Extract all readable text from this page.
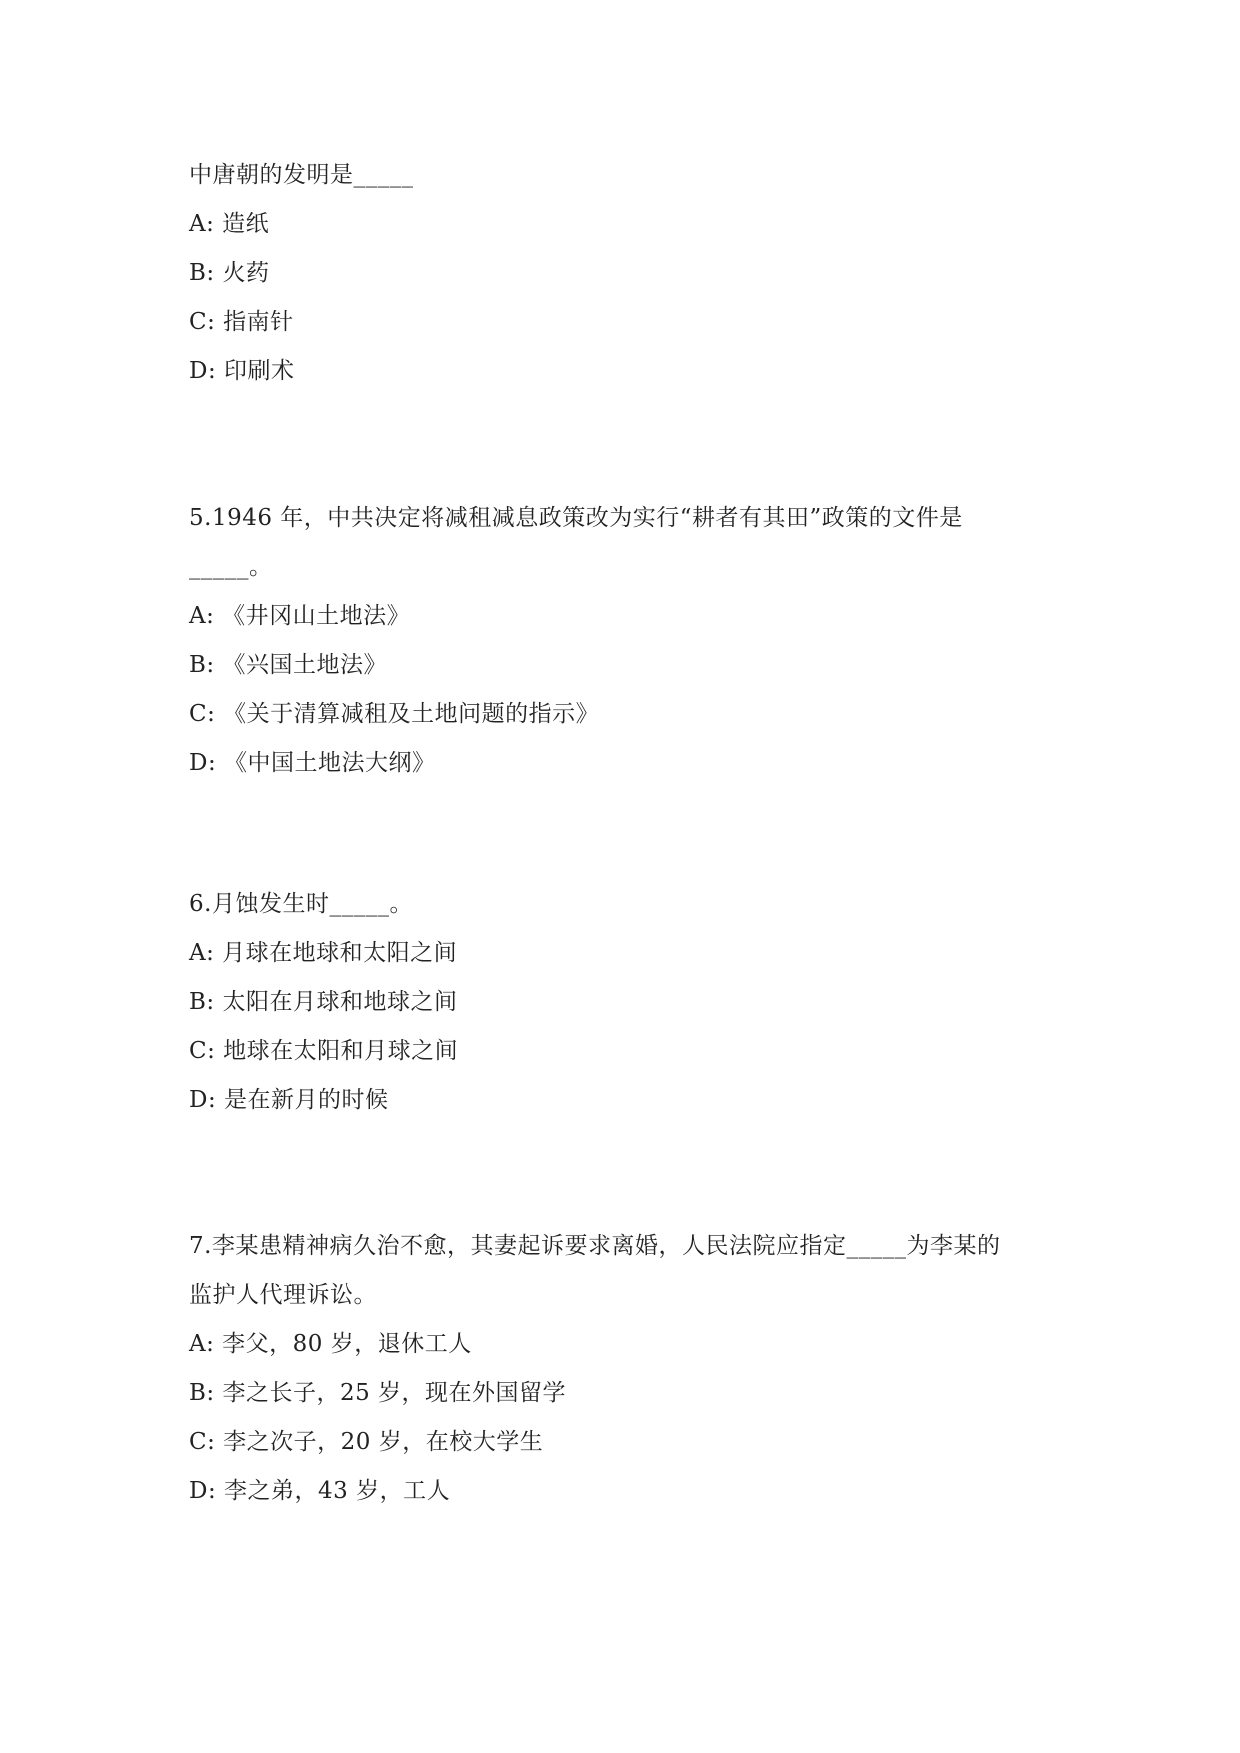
中唐朝的发明是_____
A: 造纸
B: 火药
C: 指南针
D: 印刷术
5.1946 年，中共决定将减租减息政策改为实行“耕者有其田”政策的文件是
_____。
A: 《井冈山土地法》
B: 《兴国土地法》
C: 《关于清算减租及土地问题的指示》
D: 《中国土地法大纲》
6.月蚀发生时_____。
A: 月球在地球和太阳之间
B: 太阳在月球和地球之间
C: 地球在太阳和月球之间
D: 是在新月的时候
7.李某患精神病久治不愈，其妻起诉要求离婚，人民法院应指定_____为李某的
监护人代理诉讼。
A: 李父，80 岁，退休工人
B: 李之长子，25 岁，现在外国留学
C: 李之次子，20 岁，在校大学生
D: 李之弟，43 岁，工人
